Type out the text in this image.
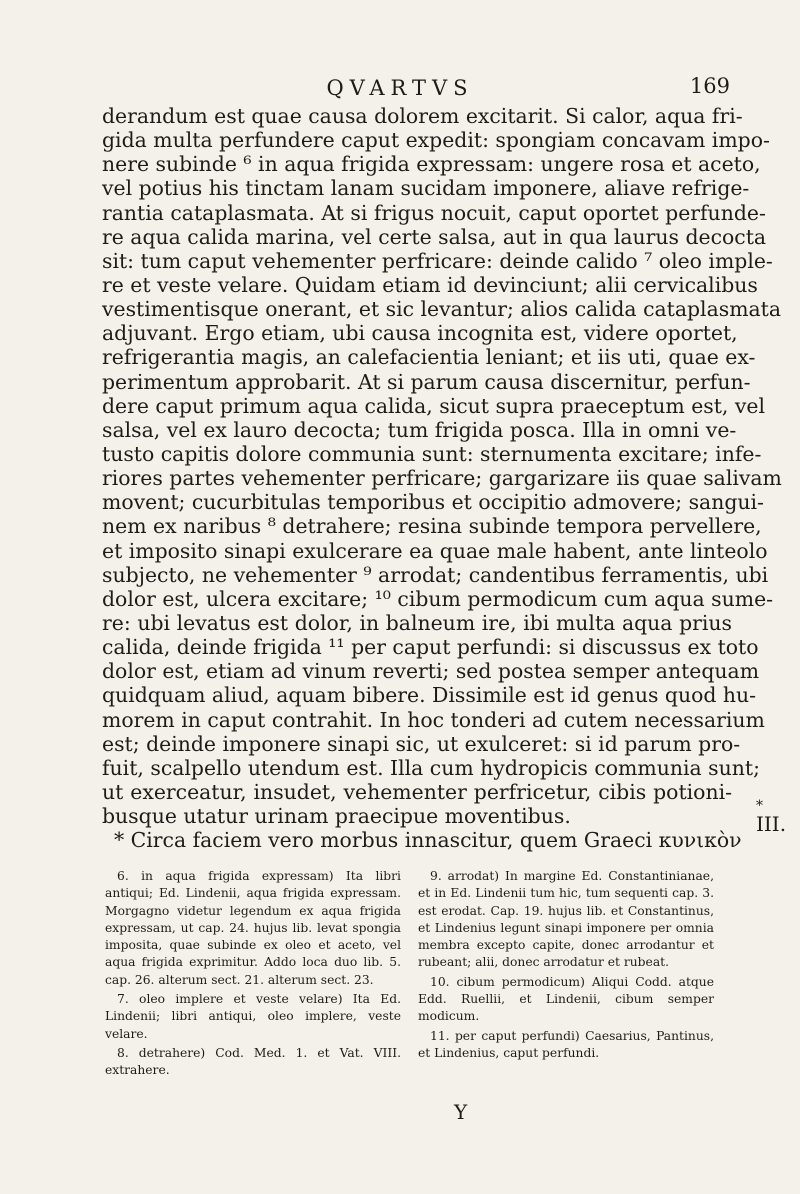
QVARTVS	169
derandum est quae causa dolorem excitarit. Si calor, aqua fri-
gida multa perfundere caput expedit: spongiam concavam impo-
nere subinde ⁶ in aqua frigida expressam: ungere rosa et aceto,
vel potius his tinctam lanam sucidam imponere, aliave refrige-
rantia cataplasmata. At si frigus nocuit, caput oportet perfunde-
re aqua calida marina, vel certe salsa, aut in qua laurus decocta
sit: tum caput vehementer perfricare: deinde calido ⁷ oleo imple-
re et veste velare. Quidam etiam id devinciunt; alii cervicalibus
vestimentisque onerant, et sic levantur; alios calida cataplasmata
adjuvant. Ergo etiam, ubi causa incognita est, videre oportet,
refrigerantia magis, an calefacientia leniant; et iis uti, quae ex-
perimentum approbarit. At si parum causa discernitur, perfun-
dere caput primum aqua calida, sicut supra praeceptum est, vel
salsa, vel ex lauro decocta; tum frigida posca. Illa in omni ve-
tusto capitis dolore communia sunt: sternumenta excitare; infe-
riores partes vehementer perfricare; gargarizare iis quae salivam
movent; cucurbitulas temporibus et occipitio admovere; sangui-
nem ex naribus ⁸ detrahere; resina subinde tempora pervellere,
et imposito sinapi exulcerare ea quae male habent, ante linteolo
subjecto, ne vehementer ⁹ arrodat; candentibus ferramentis, ubi
dolor est, ulcera excitare; ¹⁰ cibum permodicum cum aqua sume-
re: ubi levatus est dolor, in balneum ire, ibi multa aqua prius
calida, deinde frigida ¹¹ per caput perfundi: si discussus ex toto
dolor est, etiam ad vinum reverti; sed postea semper antequam
quidquam aliud, aquam bibere. Dissimile est id genus quod hu-
morem in caput contrahit. In hoc tonderi ad cutem necessarium
est; deinde imponere sinapi sic, ut exulceret: si id parum pro-
fuit, scalpello utendum est. Illa cum hydropicis communia sunt;
ut exerceatur, insudet, vehementer perfricetur, cibis potioni-
busque utatur urinam praecipue moventibus.
* Circa faciem vero morbus innascitur, quem Graeci κυνικὸν
*
III.

6. in aqua frigida expressam) Ita libri antiqui; Ed. Lindenii, aqua frigida expressam. Morgagno videtur legendum ex aqua frigida expressam, ut cap. 24. hujus lib. levat spongia imposita, quae subinde ex oleo et aceto, vel aqua frigida exprimitur. Addo loca duo lib. 5. cap. 26. alterum sect. 21. alterum sect. 23.

7. oleo implere et veste velare) Ita Ed. Lindenii; libri antiqui, oleo implere, veste velare.

8. detrahere) Cod. Med. 1. et Vat. VIII. extrahere.

9. arrodat) In margine Ed. Constantinianae, et in Ed. Lindenii tum hic, tum sequenti cap. 3. est erodat. Cap. 19. hujus lib. et Constantinus, et Lindenius legunt sinapi imponere per omnia membra excepto capite, donec arrodantur et rubeant; alii, donec arrodatur et rubeat.

10. cibum permodicum) Aliqui Codd. atque Edd. Ruellii, et Lindenii, cibum semper modicum.

11. per caput perfundi) Caesarius, Pantinus, et Lindenius, caput perfundi.

Y
